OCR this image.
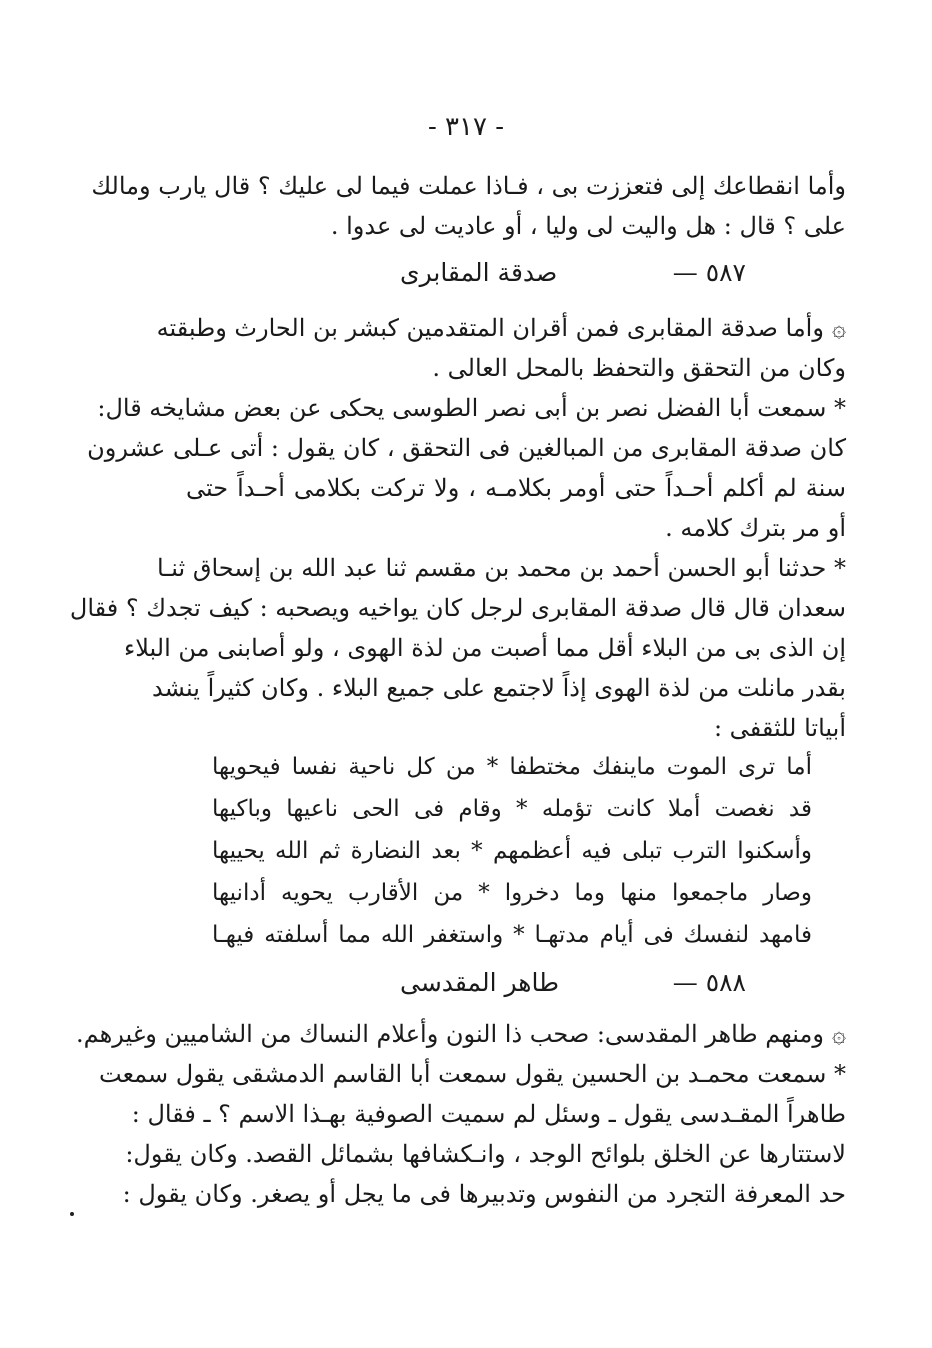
- ٣١٧ -
وأما انقطاعك إلى فتعززت بى ، فـاذا عملت فيما لى عليك ؟ قال يارب ومالك
على ؟ قال : هل واليت لى وليا ، أو عاديت لى عدوا .
٥٨٧ —
صدقة المقابرى
۞وأما صدقة المقابرى فمن أقران المتقدمين كبشر بن الحارث وطبقته
وكان من التحقق والتحفظ بالمحل العالى .
* سمعت أبا الفضل نصر بن أبى نصر الطوسى يحكى عن بعض مشايخه قال:
كان صدقة المقابرى من المبالغين فى التحقق ، كان يقول : أتى عـلى عشرون
سنة لم أكلم أحـداً حتى أومر بكلامـه ، ولا تركت بكلامى أحـداً حتى
أو مر بترك كلامه .
* حدثنا أبو الحسن أحمد بن محمد بن مقسم ثنا عبد الله بن إسحاق ثنـا
سعدان قال قال صدقة المقابرى لرجل كان يواخيه ويصحبه : كيف تجدك ؟ فقال
إن الذى بى من البلاء أقل مما أصبت من لذة الهوى ، ولو أصابنى من البلاء
بقدر مانلت من لذة الهوى إذاً لاجتمع على جميع البلاء . وكان كثيراً ينشد
أبياتا للثقفى :
أما ترى الموت ماينفك مختطفا * من كل ناحية نفسا فيحويها
قد نغصت أملا كانت تؤمله * وقام فى الحى ناعيها وباكيها
وأسكنوا الترب تبلى فيه أعظمهم * بعد النضارة ثم الله يحييها
وصار ماجمعوا منها وما دخروا * من الأقارب يحويه أدانيها
فامهد لنفسك فى أيام مدتهـا * واستغفر الله مما أسلفته فيهـا
٥٨٨ —
طاهر المقدسى
۞ومنهم طاهر المقدسى: صحب ذا النون وأعلام النساك من الشاميين وغيرهم.
* سمعت محمـد بن الحسين يقول سمعت أبا القاسم الدمشقى يقول سمعت
طاهراً المقـدسى يقول ـ وسئل لم سميت الصوفية بهـذا الاسم ؟ ـ فقال :
لاستتارها عن الخلق بلوائح الوجد ، وانـكشافها بشمائل القصد. وكان يقول:
حد المعرفة التجرد من النفوس وتدبيرها فى ما يجل أو يصغر. وكان يقول :
